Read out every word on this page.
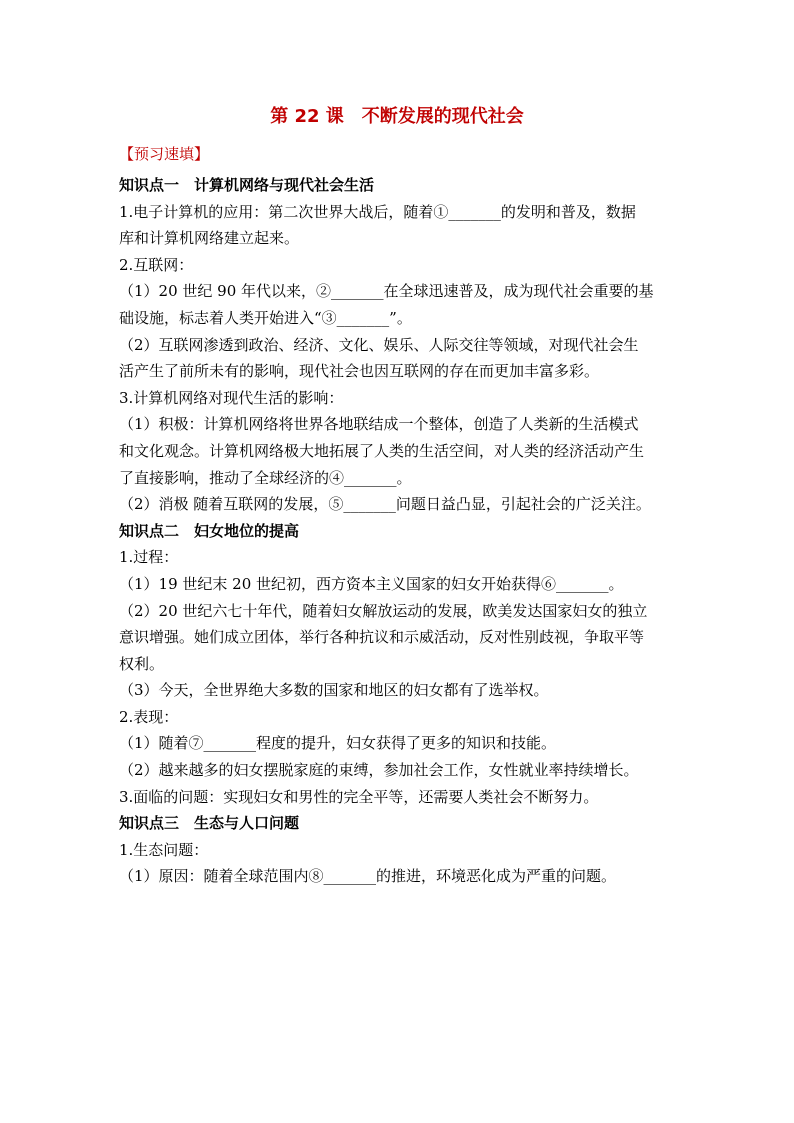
第 22 课　不断发展的现代社会
【预习速填】
知识点一　计算机网络与现代社会生活
1.电子计算机的应用：第二次世界大战后，随着①_______的发明和普及，数据
库和计算机网络建立起来。
2.互联网：
（1）20 世纪 90 年代以来，②_______在全球迅速普及，成为现代社会重要的基
础设施，标志着人类开始进入“③_______”。
（2）互联网渗透到政治、经济、文化、娱乐、人际交往等领域，对现代社会生
活产生了前所未有的影响，现代社会也因互联网的存在而更加丰富多彩。
3.计算机网络对现代生活的影响：
（1）积极：计算机网络将世界各地联结成一个整体，创造了人类新的生活模式
和文化观念。计算机网络极大地拓展了人类的生活空间，对人类的经济活动产生
了直接影响，推动了全球经济的④_______。
（2）消极 随着互联网的发展，⑤_______问题日益凸显，引起社会的广泛关注。
知识点二　妇女地位的提高
1.过程：
（1）19 世纪末 20 世纪初，西方资本主义国家的妇女开始获得⑥_______。
（2）20 世纪六七十年代，随着妇女解放运动的发展，欧美发达国家妇女的独立
意识增强。她们成立团体，举行各种抗议和示威活动，反对性别歧视，争取平等
权利。
（3）今天，全世界绝大多数的国家和地区的妇女都有了选举权。
2.表现：
（1）随着⑦_______程度的提升，妇女获得了更多的知识和技能。
（2）越来越多的妇女摆脱家庭的束缚，参加社会工作，女性就业率持续增长。
3.面临的问题：实现妇女和男性的完全平等，还需要人类社会不断努力。
知识点三　生态与人口问题
1.生态问题：
（1）原因：随着全球范围内⑧_______的推进，环境恶化成为严重的问题。
